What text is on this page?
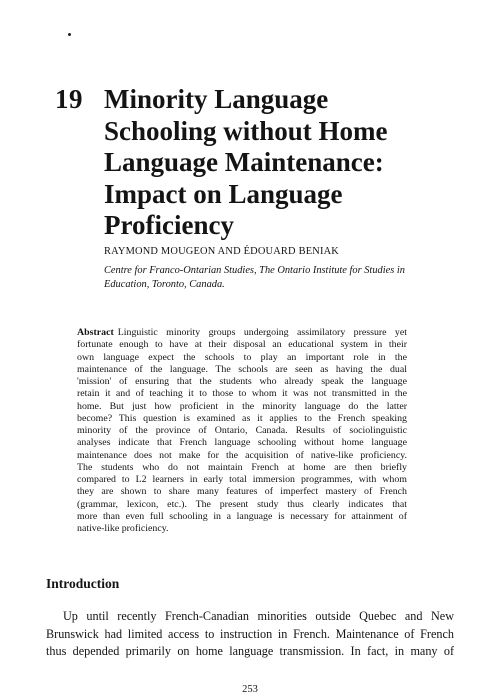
19 Minority Language
Schooling without Home
Language Maintenance:
Impact on Language
Proficiency
RAYMOND MOUGEON AND ÉDOUARD BENIAK
Centre for Franco-Ontarian Studies, The Ontario Institute for Studies in
Education, Toronto, Canada.
Abstract Linguistic minority groups undergoing assimilatory pressure yet
fortunate enough to have at their disposal an educational system in their
own language expect the schools to play an important role in the
maintenance of the language. The schools are seen as having the dual
'mission' of ensuring that the students who already speak the language
retain it and of teaching it to those to whom it was not transmitted in the
home. But just how proficient in the minority language do the latter
become? This question is examined as it applies to the French speaking
minority of the province of Ontario, Canada. Results of sociolinguistic
analyses indicate that French language schooling without home language
maintenance does not make for the acquisition of native-like proficiency.
The students who do not maintain French at home are then briefly
compared to L2 learners in early total immersion programmes, with whom
they are shown to share many features of imperfect mastery of French
(grammar, lexicon, etc.). The present study thus clearly indicates that
more than even full schooling in a language is necessary for attainment of
native-like proficiency.
Introduction
Up until recently French-Canadian minorities outside Quebec and New
Brunswick had limited access to instruction in French. Maintenance of French
thus depended primarily on home language transmission. In fact, in many of
253
